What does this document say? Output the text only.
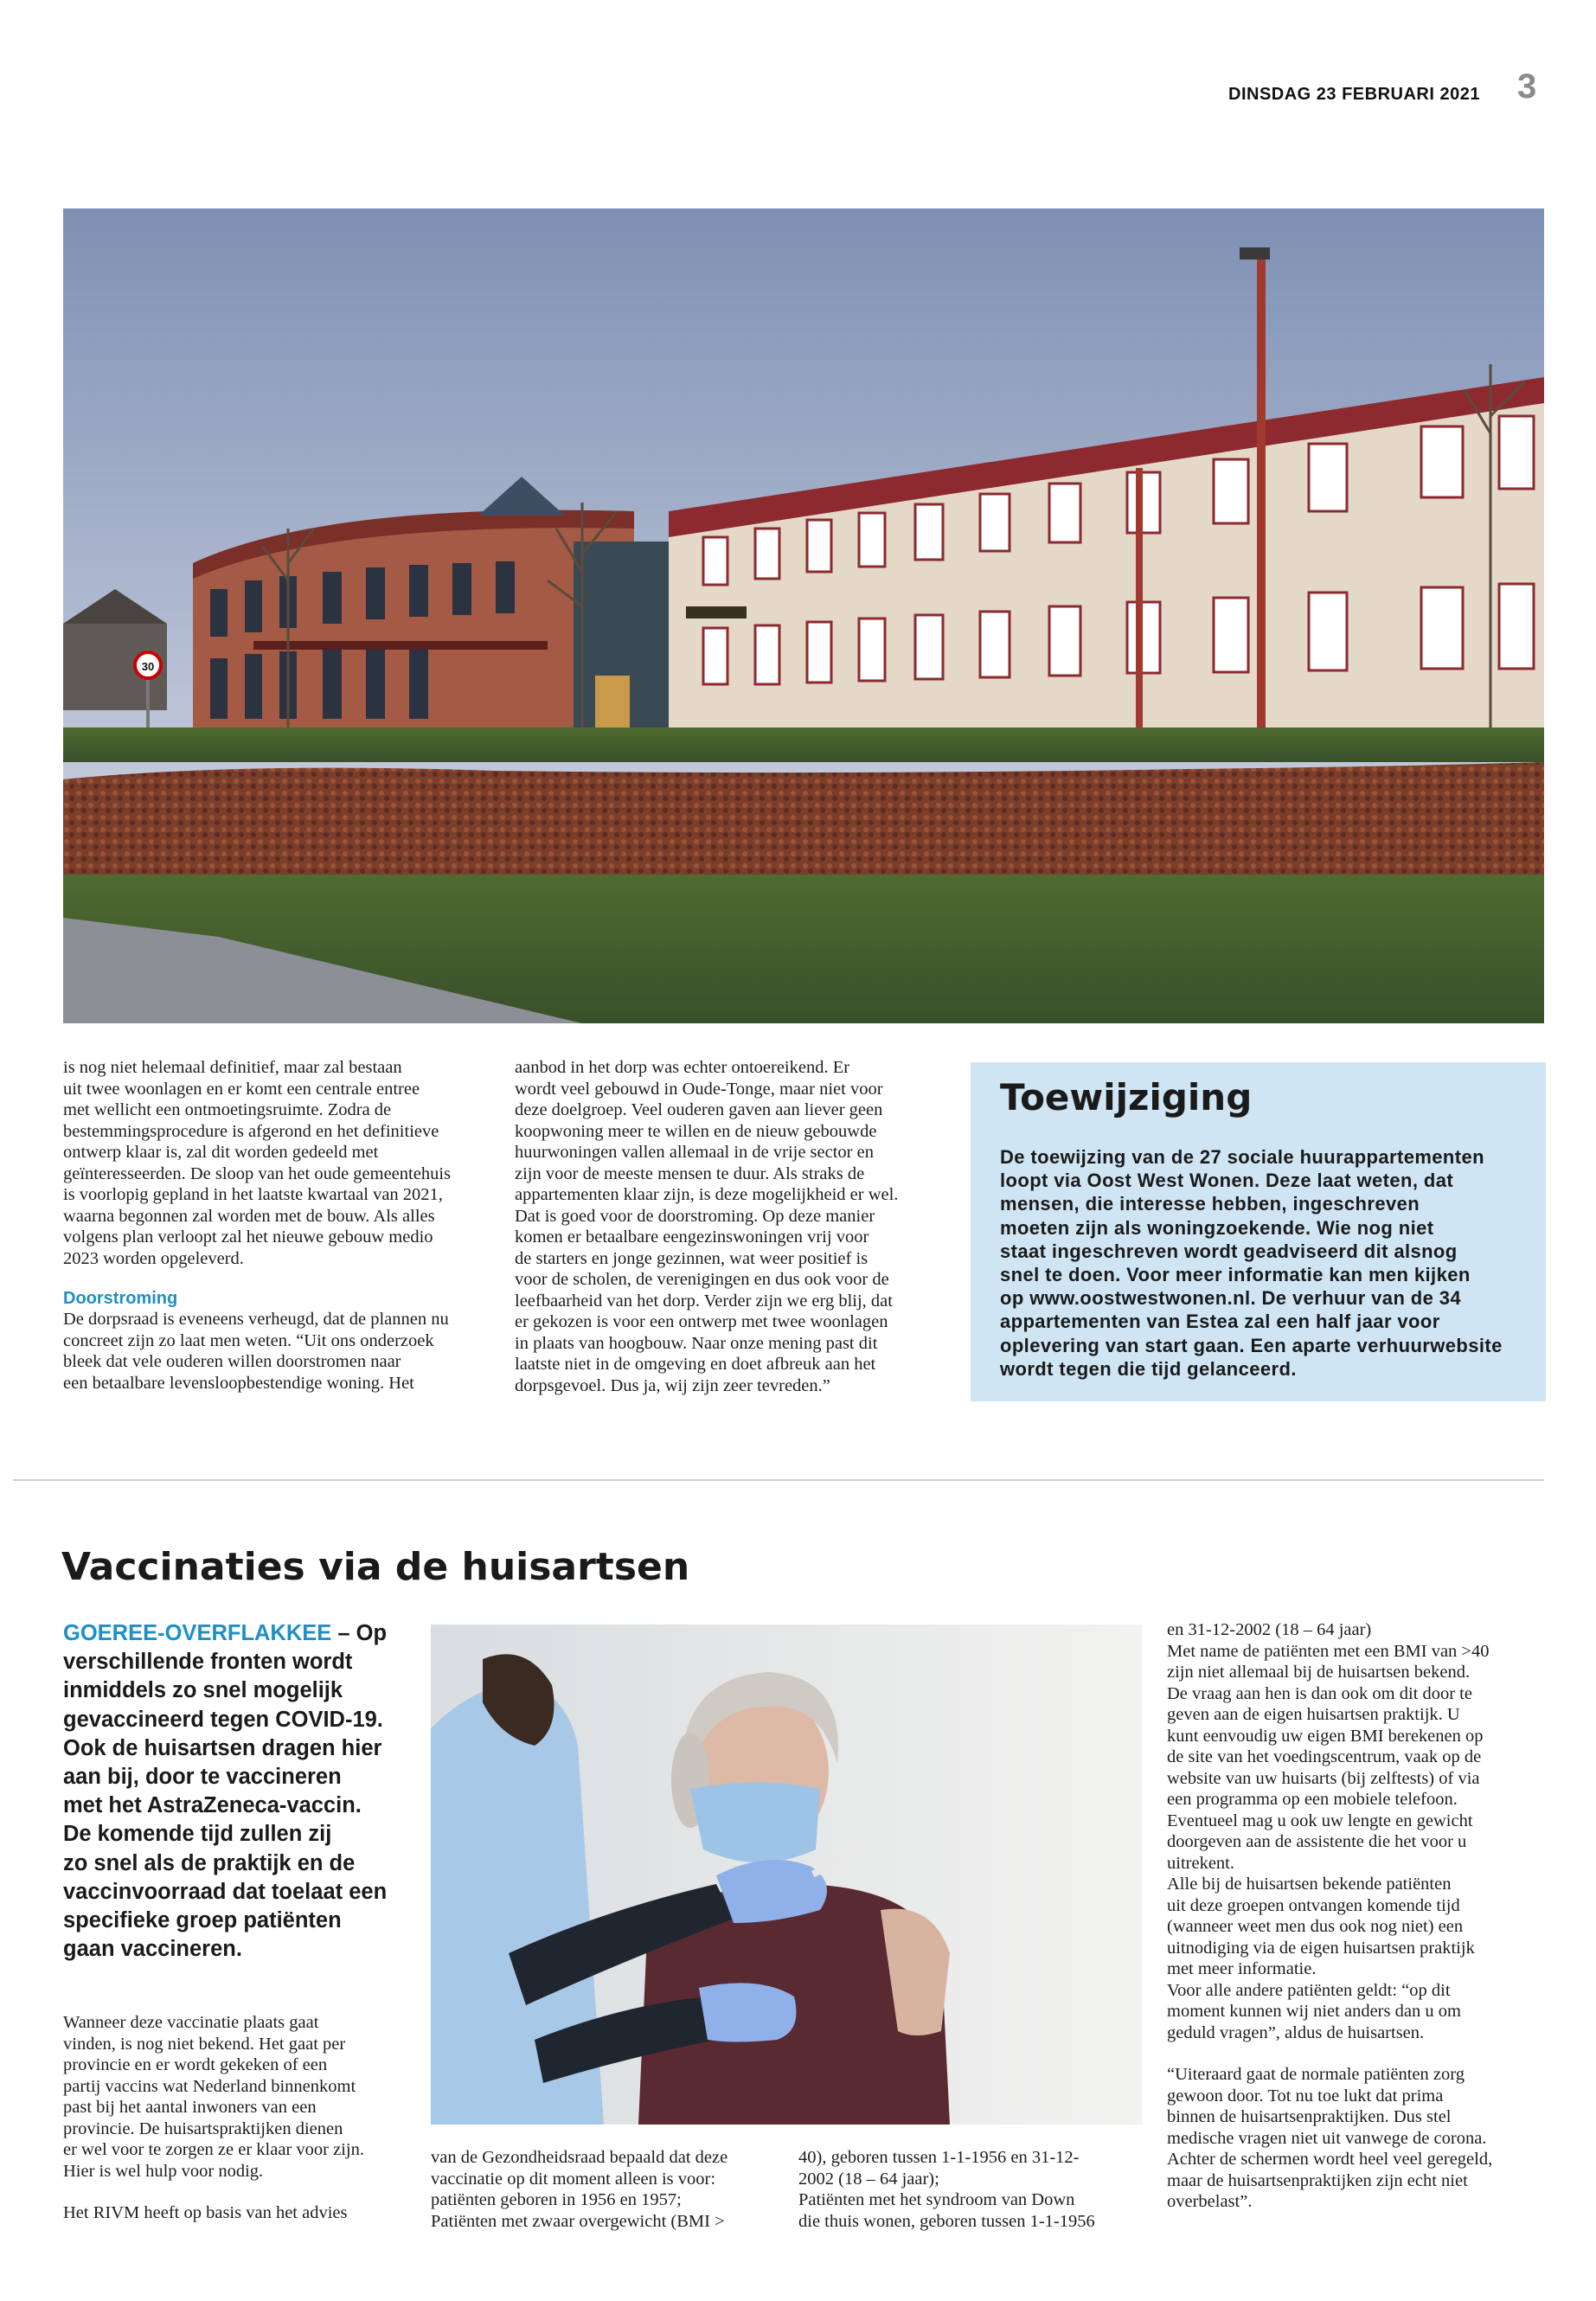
DINSDAG 23 FEBRUARI 2021 3
30

is nog niet helemaal definitief, maar zal bestaan
uit twee woonlagen en er komt een centrale entree
met wellicht een ontmoetingsruimte. Zodra de
bestemmingsprocedure is afgerond en het definitieve
ontwerp klaar is, zal dit worden gedeeld met
geïnteresseerden. De sloop van het oude gemeentehuis
is voorlopig gepland in het laatste kwartaal van 2021,
waarna begonnen zal worden met de bouw. Als alles
volgens plan verloopt zal het nieuwe gebouw medio
2023 worden opgeleverd.

Doorstroming

De dorpsraad is eveneens verheugd, dat de plannen nu
concreet zijn zo laat men weten. “Uit ons onderzoek
bleek dat vele ouderen willen doorstromen naar
een betaalbare levensloopbestendige woning. Het

aanbod in het dorp was echter ontoereikend. Er
wordt veel gebouwd in Oude-Tonge, maar niet voor
deze doelgroep. Veel ouderen gaven aan liever geen
koopwoning meer te willen en de nieuw gebouwde
huurwoningen vallen allemaal in de vrije sector en
zijn voor de meeste mensen te duur. Als straks de
appartementen klaar zijn, is deze mogelijkheid er wel.
Dat is goed voor de doorstroming. Op deze manier
komen er betaalbare eengezinswoningen vrij voor
de starters en jonge gezinnen, wat weer positief is
voor de scholen, de verenigingen en dus ook voor de
leefbaarheid van het dorp. Verder zijn we erg blij, dat
er gekozen is voor een ontwerp met twee woonlagen
in plaats van hoogbouw. Naar onze mening past dit
laatste niet in de omgeving en doet afbreuk aan het
dorpsgevoel. Dus ja, wij zijn zeer tevreden.”

Toewijziging

De toewijzing van de 27 sociale huurappartementen
loopt via Oost West Wonen. Deze laat weten, dat
mensen, die interesse hebben, ingeschreven
moeten zijn als woningzoekende. Wie nog niet
staat ingeschreven wordt geadviseerd dit alsnog
snel te doen. Voor meer informatie kan men kijken
op www.oostwestwonen.nl. De verhuur van de 34
appartementen van Estea zal een half jaar voor
oplevering van start gaan. Een aparte verhuurwebsite
wordt tegen die tijd gelanceerd.

Vaccinaties via de huisartsen
GOEREE-OVERFLAKKEE – Op
verschillende fronten wordt
inmiddels zo snel mogelijk
gevaccineerd tegen COVID-19.
Ook de huisartsen dragen hier
aan bij, door te vaccineren
met het AstraZeneca-vaccin.
De komende tijd zullen zij
zo snel als de praktijk en de
vaccinvoorraad dat toelaat een
specifieke groep patiënten
gaan vaccineren.

Wanneer deze vaccinatie plaats gaat
vinden, is nog niet bekend. Het gaat per
provincie en er wordt gekeken of een
partij vaccins wat Nederland binnenkomt
past bij het aantal inwoners van een
provincie. De huisartspraktijken dienen
er wel voor te zorgen ze er klaar voor zijn.
Hier is wel hulp voor nodig.

Het RIVM heeft op basis van het advies

van de Gezondheidsraad bepaald dat deze
vaccinatie op dit moment alleen is voor:
patiënten geboren in 1956 en 1957;
Patiënten met zwaar overgewicht (BMI >

40), geboren tussen 1-1-1956 en 31-12-
2002 (18 – 64 jaar);
Patiënten met het syndroom van Down
die thuis wonen, geboren tussen 1-1-1956

en 31-12-2002 (18 – 64 jaar)
Met name de patiënten met een BMI van >40
zijn niet allemaal bij de huisartsen bekend.
De vraag aan hen is dan ook om dit door te
geven aan de eigen huisartsen praktijk. U
kunt eenvoudig uw eigen BMI berekenen op
de site van het voedingscentrum, vaak op de
website van uw huisarts (bij zelftests) of via
een programma op een mobiele telefoon.
Eventueel mag u ook uw lengte en gewicht
doorgeven aan de assistente die het voor u
uitrekent.
Alle bij de huisartsen bekende patiënten
uit deze groepen ontvangen komende tijd
(wanneer weet men dus ook nog niet) een
uitnodiging via de eigen huisartsen praktijk
met meer informatie.
Voor alle andere patiënten geldt: “op dit
moment kunnen wij niet anders dan u om
geduld vragen”, aldus de huisartsen.

“Uiteraard gaat de normale patiënten zorg
gewoon door. Tot nu toe lukt dat prima
binnen de huisartsenpraktijken. Dus stel
medische vragen niet uit vanwege de corona.
Achter de schermen wordt heel veel geregeld,
maar de huisartsenpraktijken zijn echt niet
overbelast”.
